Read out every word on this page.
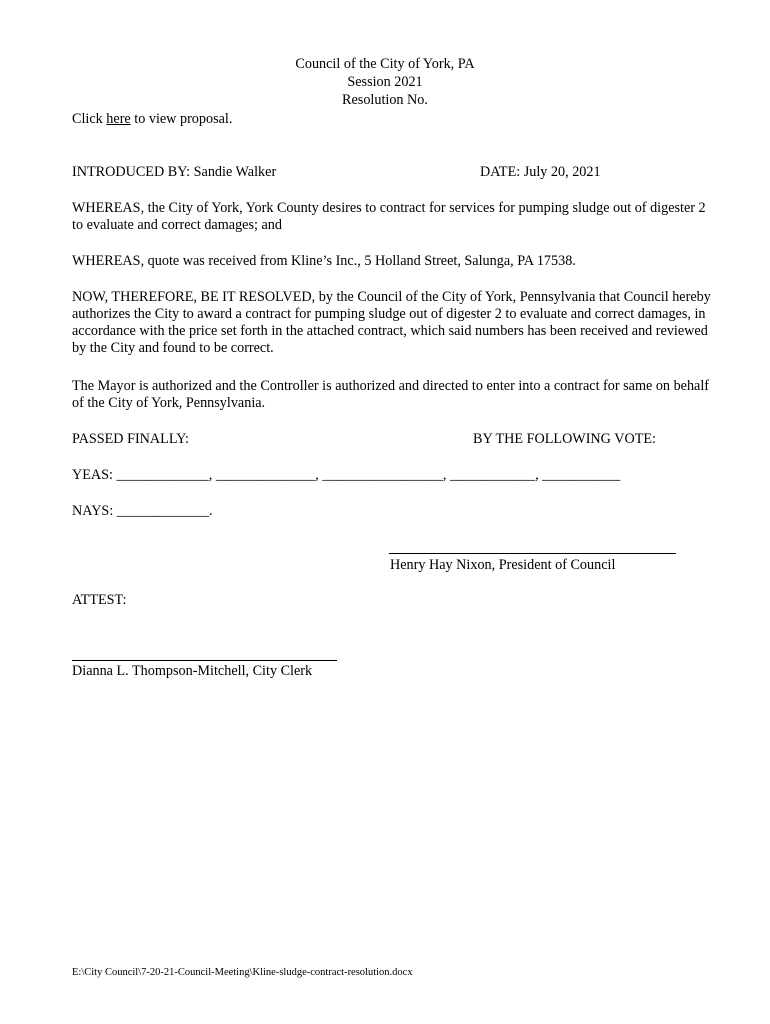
Council of the City of York, PA
Session 2021
Resolution No.
Click here to view proposal.
INTRODUCED BY: Sandie Walker	DATE: July 20, 2021
WHEREAS, the City of York, York County desires to contract for services for pumping sludge out of digester 2 to evaluate and correct damages; and
WHEREAS, quote was received from Kline’s Inc., 5 Holland Street, Salunga, PA 17538.
NOW, THEREFORE, BE IT RESOLVED, by the Council of the City of York, Pennsylvania that Council hereby authorizes the City to award a contract for pumping sludge out of digester 2 to evaluate and correct damages, in accordance with the price set forth in the attached contract, which said numbers has been received and reviewed by the City and found to be correct.
The Mayor is authorized and the Controller is authorized and directed to enter into a contract for same on behalf of the City of York, Pennsylvania.
PASSED FINALLY:	BY THE FOLLOWING VOTE:
YEAS: _____________, ______________, _________________, ____________, ___________
NAYS: _____________.
Henry Hay Nixon, President of Council
ATTEST:
Dianna L. Thompson-Mitchell, City Clerk
E:\City Council\7-20-21-Council-Meeting\Kline-sludge-contract-resolution.docx
